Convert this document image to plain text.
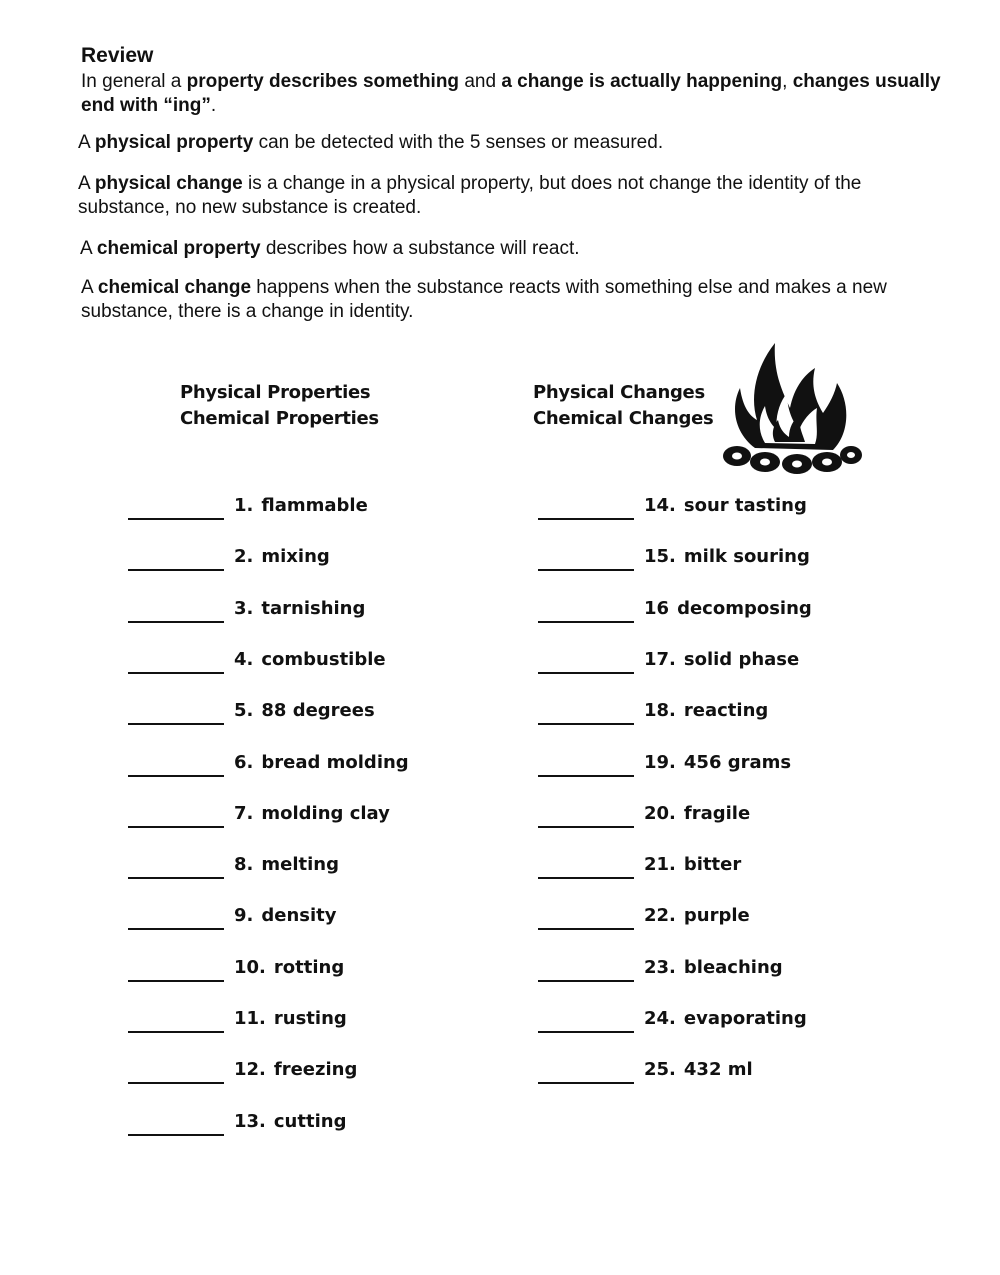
Review

In general a property describes something and a change is actually happening, changes usually end with “ing”.

A physical property can be detected with the 5 senses or measured.

A physical change is a change in a physical property, but does not change the identity of the substance, no new substance is created.

A chemical property describes how a substance will react.

A chemical change happens when the substance reacts with something else and makes a new substance, there is a change in identity.

Physical Properties
Chemical Properties
Physical Changes
Chemical Changes
1. flammable
2. mixing
3. tarnishing
4. combustible
5. 88 degrees
6. bread molding
7. molding clay
8. melting
9. density
10. rotting
11. rusting
12. freezing
13. cutting
14. sour tasting
15. milk souring
16 decomposing
17. solid phase
18. reacting
19. 456 grams
20. fragile
21. bitter
22. purple
23. bleaching
24. evaporating
25. 432 ml
